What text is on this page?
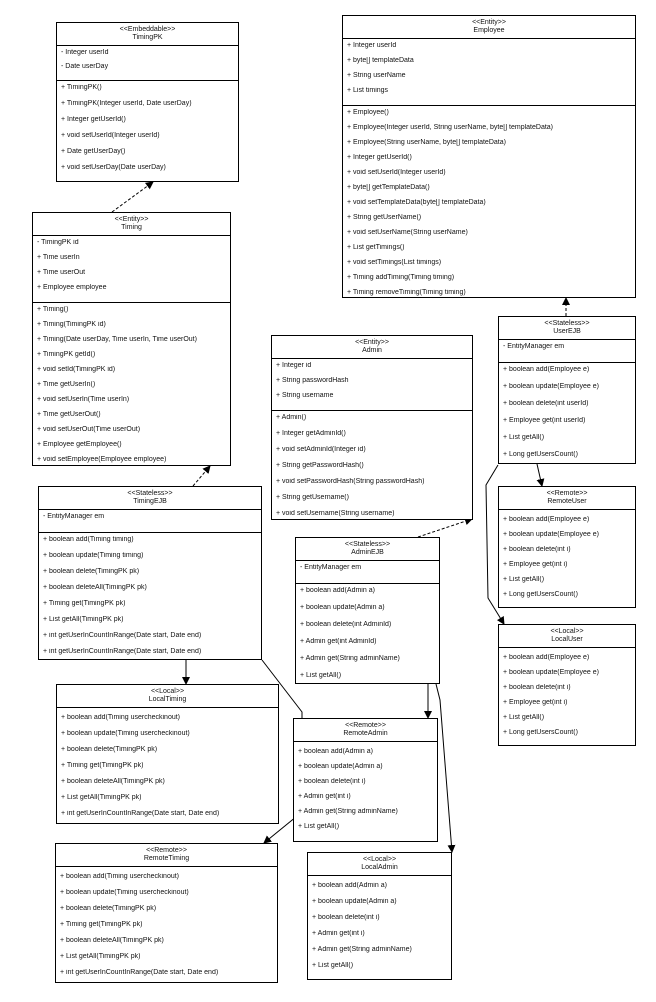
<<Embeddable>>
TimingPK
- Integer userId
- Date userDay
+ TimingPK()
+ TimingPK(Integer userId, Date userDay)
+ Integer getUserId()
+ void setUserId(Integer userId)
+ Date getUserDay()
+ void setUserDay(Date userDay)
<<Entity>>
Employee
+ Integer userId
+ byte[] templateData
+ String userName
+ List timings
+ Employee()
+ Employee(Integer userId, String userName, byte[] templateData)
+ Employee(String userName, byte[] templateData)
+ Integer getUserId()
+ void setUserId(Integer userId)
+ byte[] getTemplateData()
+ void setTemplateData(byte[] templateData)
+ String getUserName()
+ void setUserName(String userName)
+ List getTimings()
+ void setTimings(List timings)
+ Timing addTiming(Timing timing)
+ Timing removeTiming(Timing timing)
<<Entity>>
Timing
- TimingPK id
+ Time userIn
+ Time userOut
+ Employee employee
+ Timing()
+ Timing(TimingPK id)
+ Timing(Date userDay, Time userIn, Time userOut)
+ TimingPK getId()
+ void setId(TimingPK id)
+ Time getUserIn()
+ void setUserIn(Time userIn)
+ Time getUserOut()
+ void setUserOut(Time userOut)
+ Employee getEmployee()
+ void setEmployee(Employee employee)
<<Stateless>>
UserEJB
- EntityManager em
+ boolean add(Employee e)
+ boolean update(Employee e)
+ boolean delete(int userId)
+ Employee get(int userId)
+ List getAll()
+ Long getUsersCount()
<<Entity>>
Admin
+ Integer id
+ String passwordHash
+ String username
+ Admin()
+ Integer getAdminId()
+ void setAdminId(Integer id)
+ String getPasswordHash()
+ void setPasswordHash(String passwordHash)
+ String getUsername()
+ void setUsername(String username)
<<Stateless>>
TimingEJB
- EntityManager em
+ boolean add(Timing timing)
+ boolean update(Timing timing)
+ boolean delete(TimingPK pk)
+ boolean deleteAll(TimingPK pk)
+ Timing get(TimingPK pk)
+ List getAll(TimingPK pk)
+ int getUserInCountInRange(Date start, Date end)
+ int getUserInCountInRange(Date start, Date end)
<<Remote>>
RemoteUser
+ boolean add(Employee e)
+ boolean update(Employee e)
+ boolean delete(int i)
+ Employee get(int i)
+ List getAll()
+ Long getUsersCount()
<<Stateless>>
AdminEJB
- EntityManager em
+ boolean add(Admin a)
+ boolean update(Admin a)
+ boolean delete(int AdminId)
+ Admin get(int AdminId)
+ Admin get(String adminName)
+ List getAll()
<<Local>>
LocalUser
+ boolean add(Employee e)
+ boolean update(Employee e)
+ boolean delete(int i)
+ Employee get(int i)
+ List getAll()
+ Long getUsersCount()
<<Local>>
LocalTiming
+ boolean add(Timing usercheckinout)
+ boolean update(Timing usercheckinout)
+ boolean delete(TimingPK pk)
+ Timing get(TimingPK pk)
+ boolean deleteAll(TimingPK pk)
+ List getAll(TimingPK pk)
+ int getUserInCountInRange(Date start, Date end)
<<Remote>>
RemoteAdmin
+ boolean add(Admin a)
+ boolean update(Admin a)
+ boolean delete(int i)
+ Admin get(int i)
+ Admin get(String adminName)
+ List getAll()
<<Remote>>
RemoteTiming
+ boolean add(Timing usercheckinout)
+ boolean update(Timing usercheckinout)
+ boolean delete(TimingPK pk)
+ Timing get(TimingPK pk)
+ boolean deleteAll(TimingPK pk)
+ List getAll(TimingPK pk)
+ int getUserInCountInRange(Date start, Date end)
<<Local>>
LocalAdmin
+ boolean add(Admin a)
+ boolean update(Admin a)
+ boolean delete(int i)
+ Admin get(int i)
+ Admin get(String adminName)
+ List getAll()
